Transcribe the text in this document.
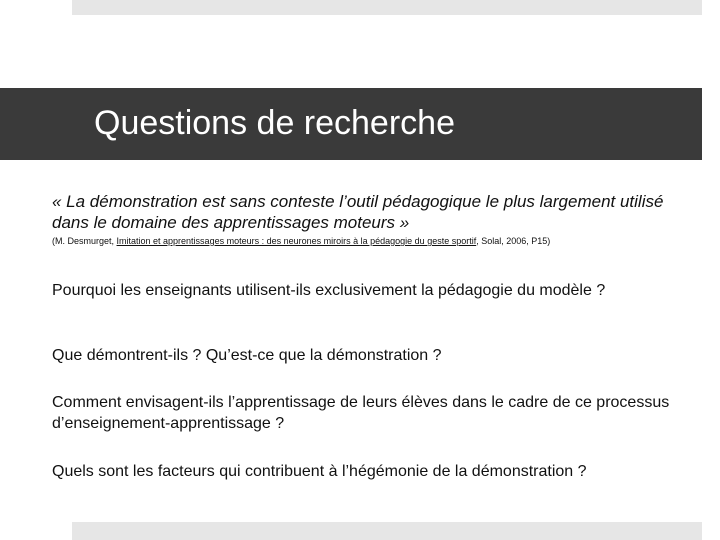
Questions de recherche
« La démonstration est sans conteste l’outil pédagogique le plus largement utilisé dans le domaine des apprentissages moteurs »
(M. Desmurget, Imitation et apprentissages moteurs : des neurones miroirs à la pédagogie du geste sportif, Solal, 2006, P15)
Pourquoi les enseignants utilisent-ils exclusivement la pédagogie du modèle ?
Que démontrent-ils ? Qu’est-ce que la démonstration ?
Comment envisagent-ils l’apprentissage de leurs élèves dans le cadre de ce processus d’enseignement-apprentissage ?
Quels sont les facteurs qui contribuent à l’hégémonie de la démonstration ?
